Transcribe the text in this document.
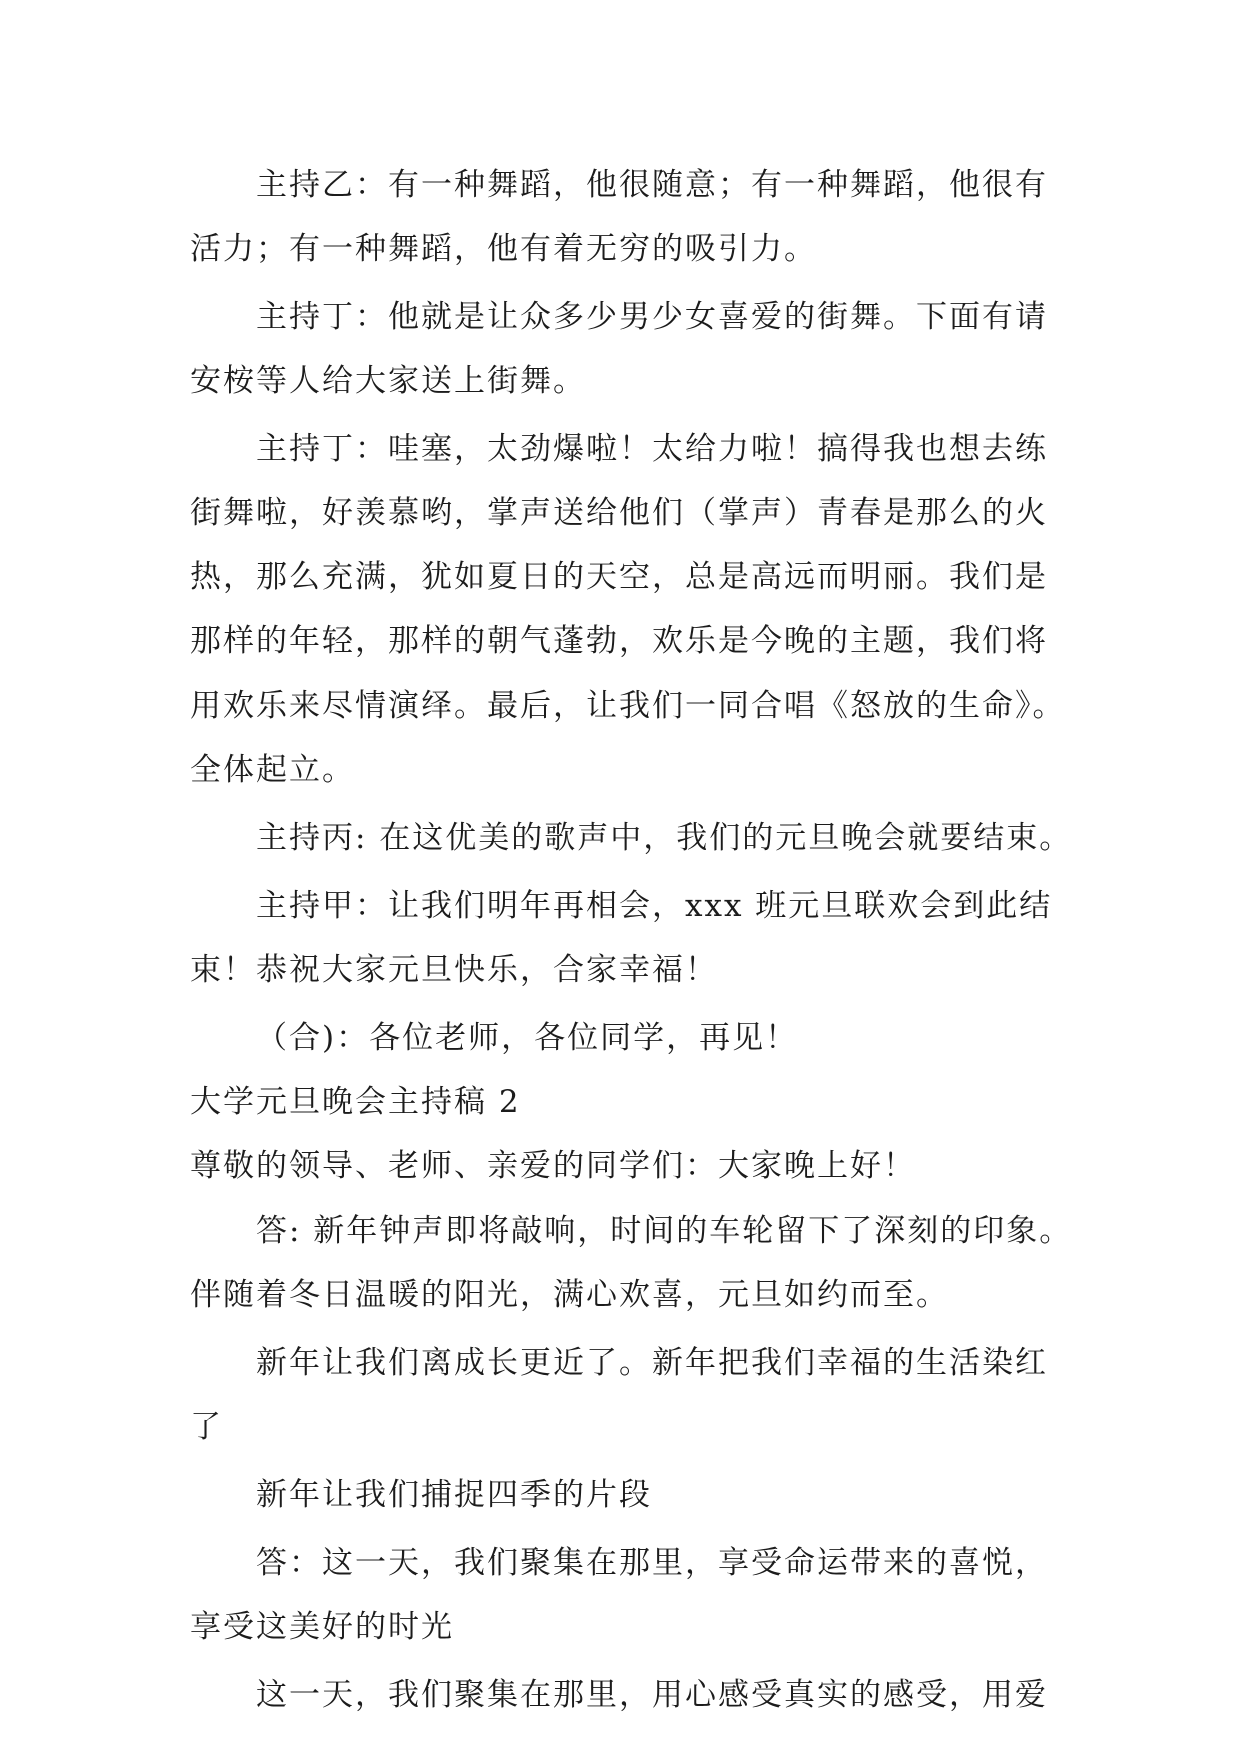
主持乙：有一种舞蹈，他很随意；有一种舞蹈，他很有
活力；有一种舞蹈，他有着无穷的吸引力。
主持丁：他就是让众多少男少女喜爱的街舞。下面有请
安桉等人给大家送上街舞。
主持丁：哇塞，太劲爆啦！太给力啦！搞得我也想去练
街舞啦，好羡慕哟，掌声送给他们（掌声）青春是那么的火
热，那么充满，犹如夏日的天空，总是高远而明丽。我们是
那样的年轻，那样的朝气蓬勃，欢乐是今晚的主题，我们将
用欢乐来尽情演绎。最后，让我们一同合唱《怒放的生命》。
全体起立。
主持丙: 在这优美的歌声中，我们的元旦晚会就要结束。
主持甲：让我们明年再相会，xxx 班元旦联欢会到此结
束！恭祝大家元旦快乐，合家幸福！
（合)：各位老师，各位同学，再见！
大学元旦晚会主持稿 2
尊敬的领导、老师、亲爱的同学们：大家晚上好！
答: 新年钟声即将敲响，时间的车轮留下了深刻的印象。
伴随着冬日温暖的阳光，满心欢喜，元旦如约而至。
新年让我们离成长更近了。新年把我们幸福的生活染红
了
新年让我们捕捉四季的片段
答：这一天，我们聚集在那里，享受命运带来的喜悦，
享受这美好的时光
这一天，我们聚集在那里，用心感受真实的感受，用爱
